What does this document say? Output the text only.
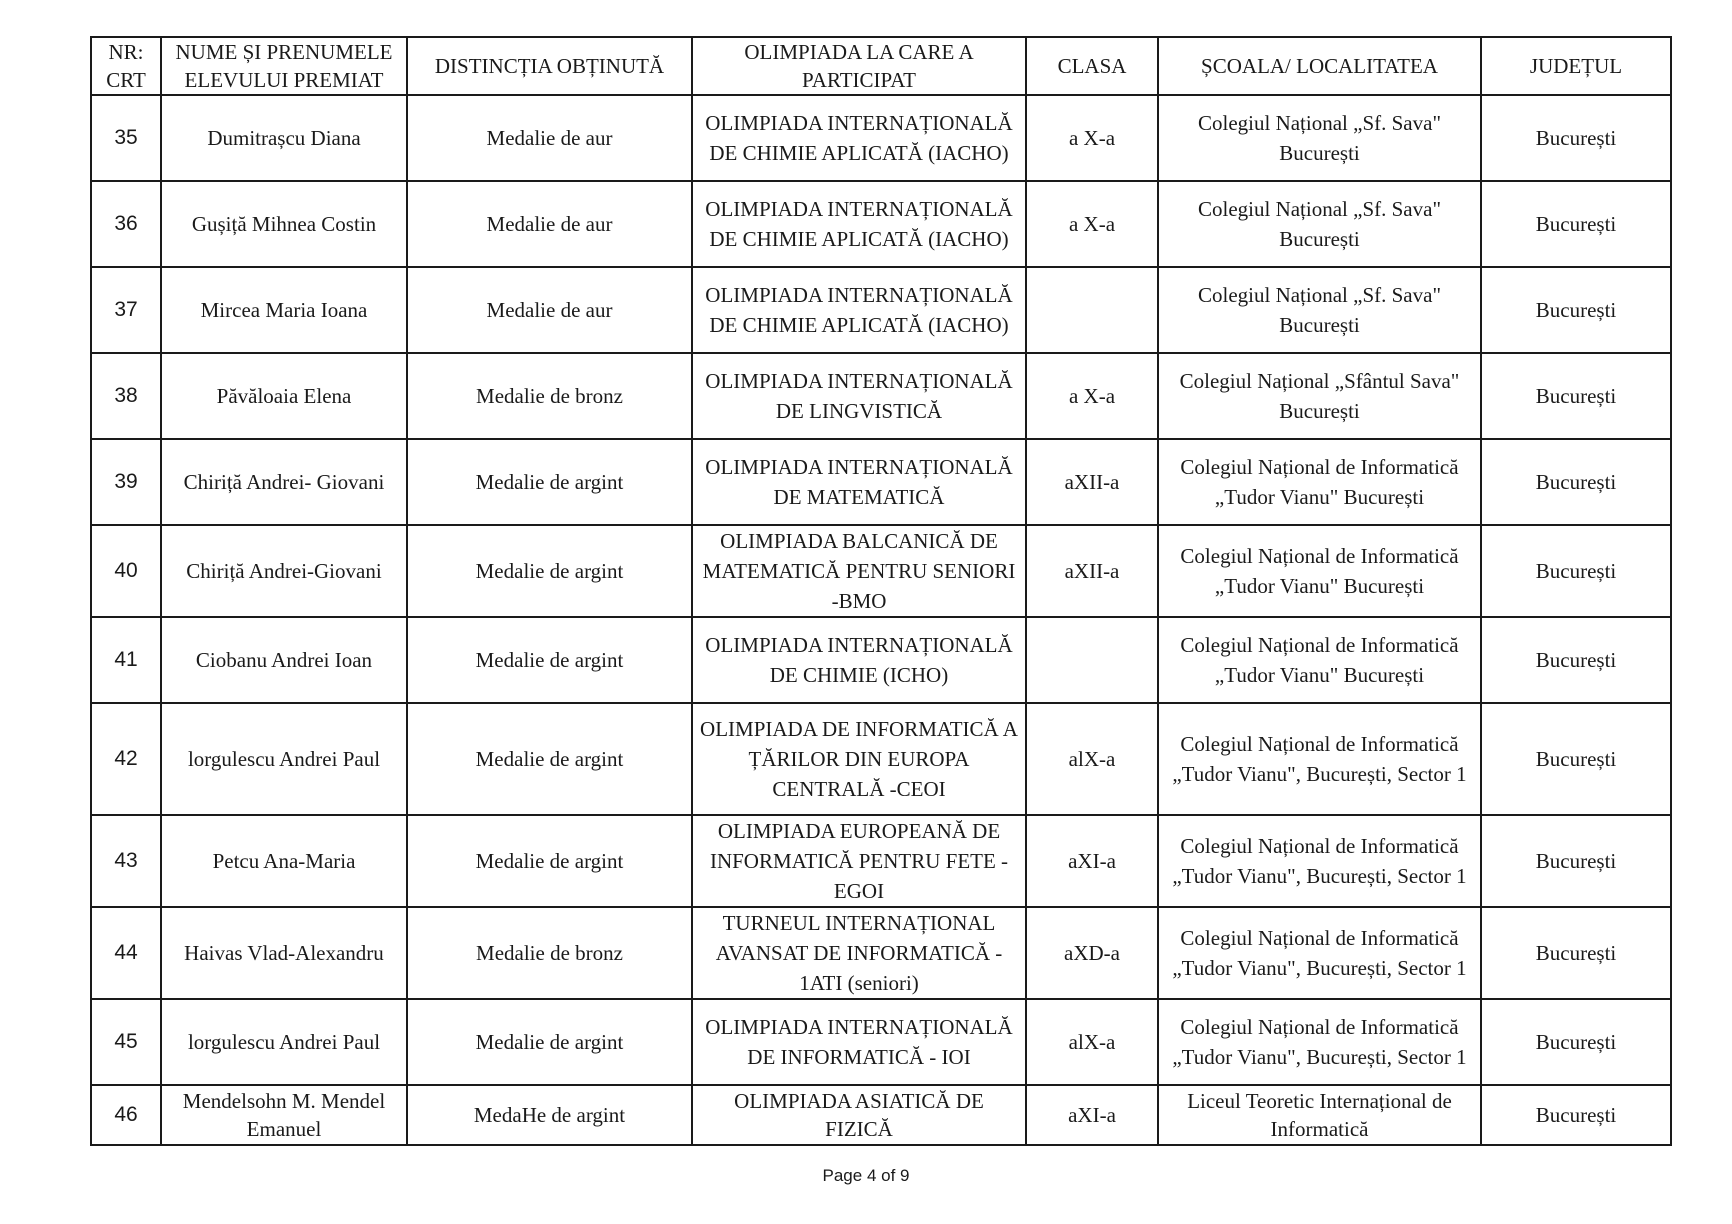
NR: CRT	NUME ȘI PRENUMELE ELEVULUI PREMIAT	DISTINCȚIA OBȚINUTĂ	OLIMPIADA LA CARE A PARTICIPAT	CLASA	ȘCOALA/ LOCALITATEA	JUDEȚUL
35	Dumitrașcu Diana	Medalie de aur	OLIMPIADA INTERNAȚIONALĂ DE CHIMIE APLICATĂ (IACHO)	a X-a	Colegiul Național „Sf. Sava" București	București
36	Gușiță Mihnea Costin	Medalie de aur	OLIMPIADA INTERNAȚIONALĂ DE CHIMIE APLICATĂ (IACHO)	a X-a	Colegiul Național „Sf. Sava" București	București
37	Mircea Maria Ioana	Medalie de aur	OLIMPIADA INTERNAȚIONALĂ DE CHIMIE APLICATĂ (IACHO)		Colegiul Național „Sf. Sava" București	București
38	Păvăloaia Elena	Medalie de bronz	OLIMPIADA INTERNAȚIONALĂ DE LINGVISTICĂ	a X-a	Colegiul Național „Sfântul Sava" București	București
39	Chiriță Andrei- Giovani	Medalie de argint	OLIMPIADA INTERNAȚIONALĂ DE MATEMATICĂ	aXII-a	Colegiul Național de Informatică „Tudor Vianu" București	București
40	Chiriță Andrei-Giovani	Medalie de argint	OLIMPIADA BALCANICĂ DE MATEMATICĂ PENTRU SENIORI -BMO	aXII-a	Colegiul Național de Informatică „Tudor Vianu" București	București
41	Ciobanu Andrei Ioan	Medalie de argint	OLIMPIADA INTERNAȚIONALĂ DE CHIMIE (ICHO)		Colegiul Național de Informatică „Tudor Vianu" București	București
42	lorgulescu Andrei Paul	Medalie de argint	OLIMPIADA DE INFORMATICĂ A ȚĂRILOR DIN EUROPA CENTRALĂ -CEOI	alX-a	Colegiul Național de Informatică „Tudor Vianu", București, Sector 1	București
43	Petcu Ana-Maria	Medalie de argint	OLIMPIADA EUROPEANĂ DE INFORMATICĂ PENTRU FETE - EGOI	aXI-a	Colegiul Național de Informatică „Tudor Vianu", București, Sector 1	București
44	Haivas Vlad-Alexandru	Medalie de bronz	TURNEUL INTERNAȚIONAL AVANSAT DE INFORMATICĂ - 1ATI (seniori)	aXD-a	Colegiul Național de Informatică „Tudor Vianu", București, Sector 1	București
45	lorgulescu Andrei Paul	Medalie de argint	OLIMPIADA INTERNAȚIONALĂ DE INFORMATICĂ - IOI	alX-a	Colegiul Național de Informatică „Tudor Vianu", București, Sector 1	București
46	Mendelsohn M. Mendel Emanuel	MedaHe de argint	OLIMPIADA ASIATICĂ DE FIZICĂ	aXI-a	Liceul Teoretic Internațional de Informatică	București
Page 4 of 9
